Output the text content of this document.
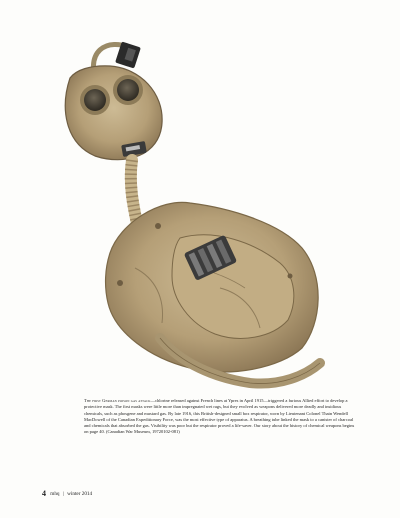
The first German poison gas attack—chlorine released against French lines at Ypres in April 1915—triggered a furious Allied effort to develop a protective mask. The first masks were little more than impregnated wet rags, but they evolved as weapons delivered more deadly and insidious chemicals, such as phosgene and mustard gas. By late 1916, this British-designed small box respirator, worn by Lieutenant Colonel Thain Wendell MacDowell of the Canadian Expeditionary Force, was the most effective type of apparatus. A breathing tube linked the mask to a canister of charcoal and chemicals that absorbed the gas. Visibility was poor but the respirator proved a life-saver. Our story about the history of chemical weapons begins on page 40. (Canadian War Museum, 19720102-081)
4 mhq | winter 2014
